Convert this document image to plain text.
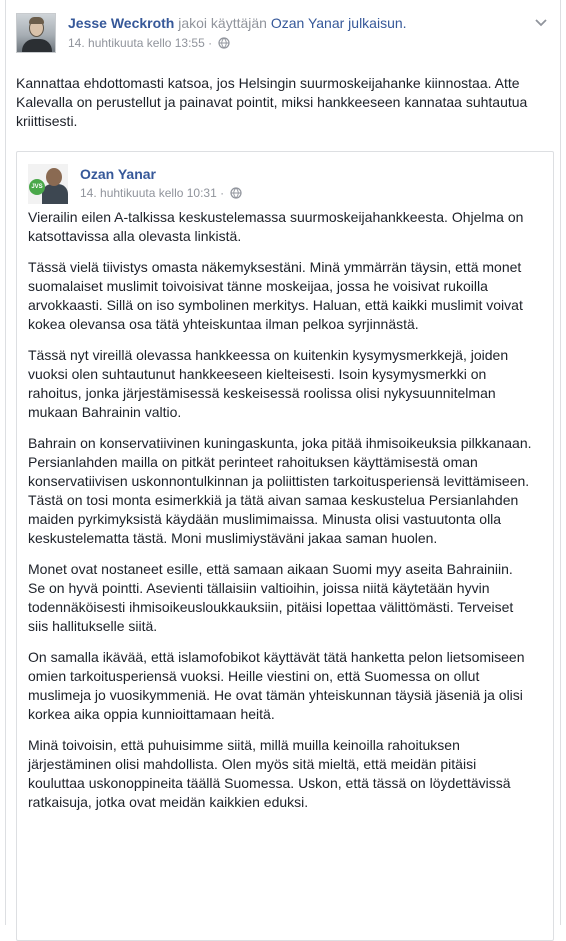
Jesse Weckroth jakoi käyttäjän Ozan Yanar julkaisun.
14. huhtikuuta kello 13:55 ·
Kannattaa ehdottomasti katsoa, jos Helsingin suurmoskeijahanke kiinnostaa. Atte Kalevalla on perustellut ja painavat pointit, miksi hankkeeseen kannataa suhtautua kriittisesti.
JVS
Ozan Yanar
14. huhtikuuta kello 10:31 ·

Vierailin eilen A-talkissa keskustelemassa suurmoskeijahankkeesta. Ohjelma on katsottavissa alla olevasta linkistä.

Tässä vielä tiivistys omasta näkemyksestäni. Minä ymmärrän täysin, että monet suomalaiset muslimit toivoisivat tänne moskeijaa, jossa he voisivat rukoilla arvokkaasti. Sillä on iso symbolinen merkitys. Haluan, että kaikki muslimit voivat kokea olevansa osa tätä yhteiskuntaa ilman pelkoa syrjinnästä.

Tässä nyt vireillä olevassa hankkeessa on kuitenkin kysymysmerkkejä, joiden vuoksi olen suhtautunut hankkeeseen kielteisesti. Isoin kysymysmerkki on rahoitus, jonka järjestämisessä keskeisessä roolissa olisi nykysuunnitelman mukaan Bahrainin valtio.

Bahrain on konservatiivinen kuningaskunta, joka pitää ihmisoikeuksia pilkkanaan. Persianlahden mailla on pitkät perinteet rahoituksen käyttämisestä oman konservatiivisen uskonnontulkinnan ja poliittisten tarkoitusperiensä levittämiseen. Tästä on tosi monta esimerkkiä ja tätä aivan samaa keskustelua Persianlahden maiden pyrkimyksistä käydään muslimimaissa. Minusta olisi vastuutonta olla keskustelematta tästä. Moni muslimiystäväni jakaa saman huolen.

Monet ovat nostaneet esille, että samaan aikaan Suomi myy aseita Bahrainiin. Se on hyvä pointti. Asevienti tällaisiin valtioihin, joissa niitä käytetään hyvin todennäköisesti ihmisoikeusloukkauksiin, pitäisi lopettaa välittömästi. Terveiset siis hallitukselle siitä.

On samalla ikävää, että islamofobikot käyttävät tätä hanketta pelon lietsomiseen omien tarkoitusperiensä vuoksi. Heille viestini on, että Suomessa on ollut muslimeja jo vuosikymmeniä. He ovat tämän yhteiskunnan täysiä jäseniä ja olisi korkea aika oppia kunnioittamaan heitä.

Minä toivoisin, että puhuisimme siitä, millä muilla keinoilla rahoituksen järjestäminen olisi mahdollista. Olen myös sitä mieltä, että meidän pitäisi kouluttaa uskonoppineita täällä Suomessa. Uskon, että tässä on löydettävissä ratkaisuja, jotka ovat meidän kaikkien eduksi.
